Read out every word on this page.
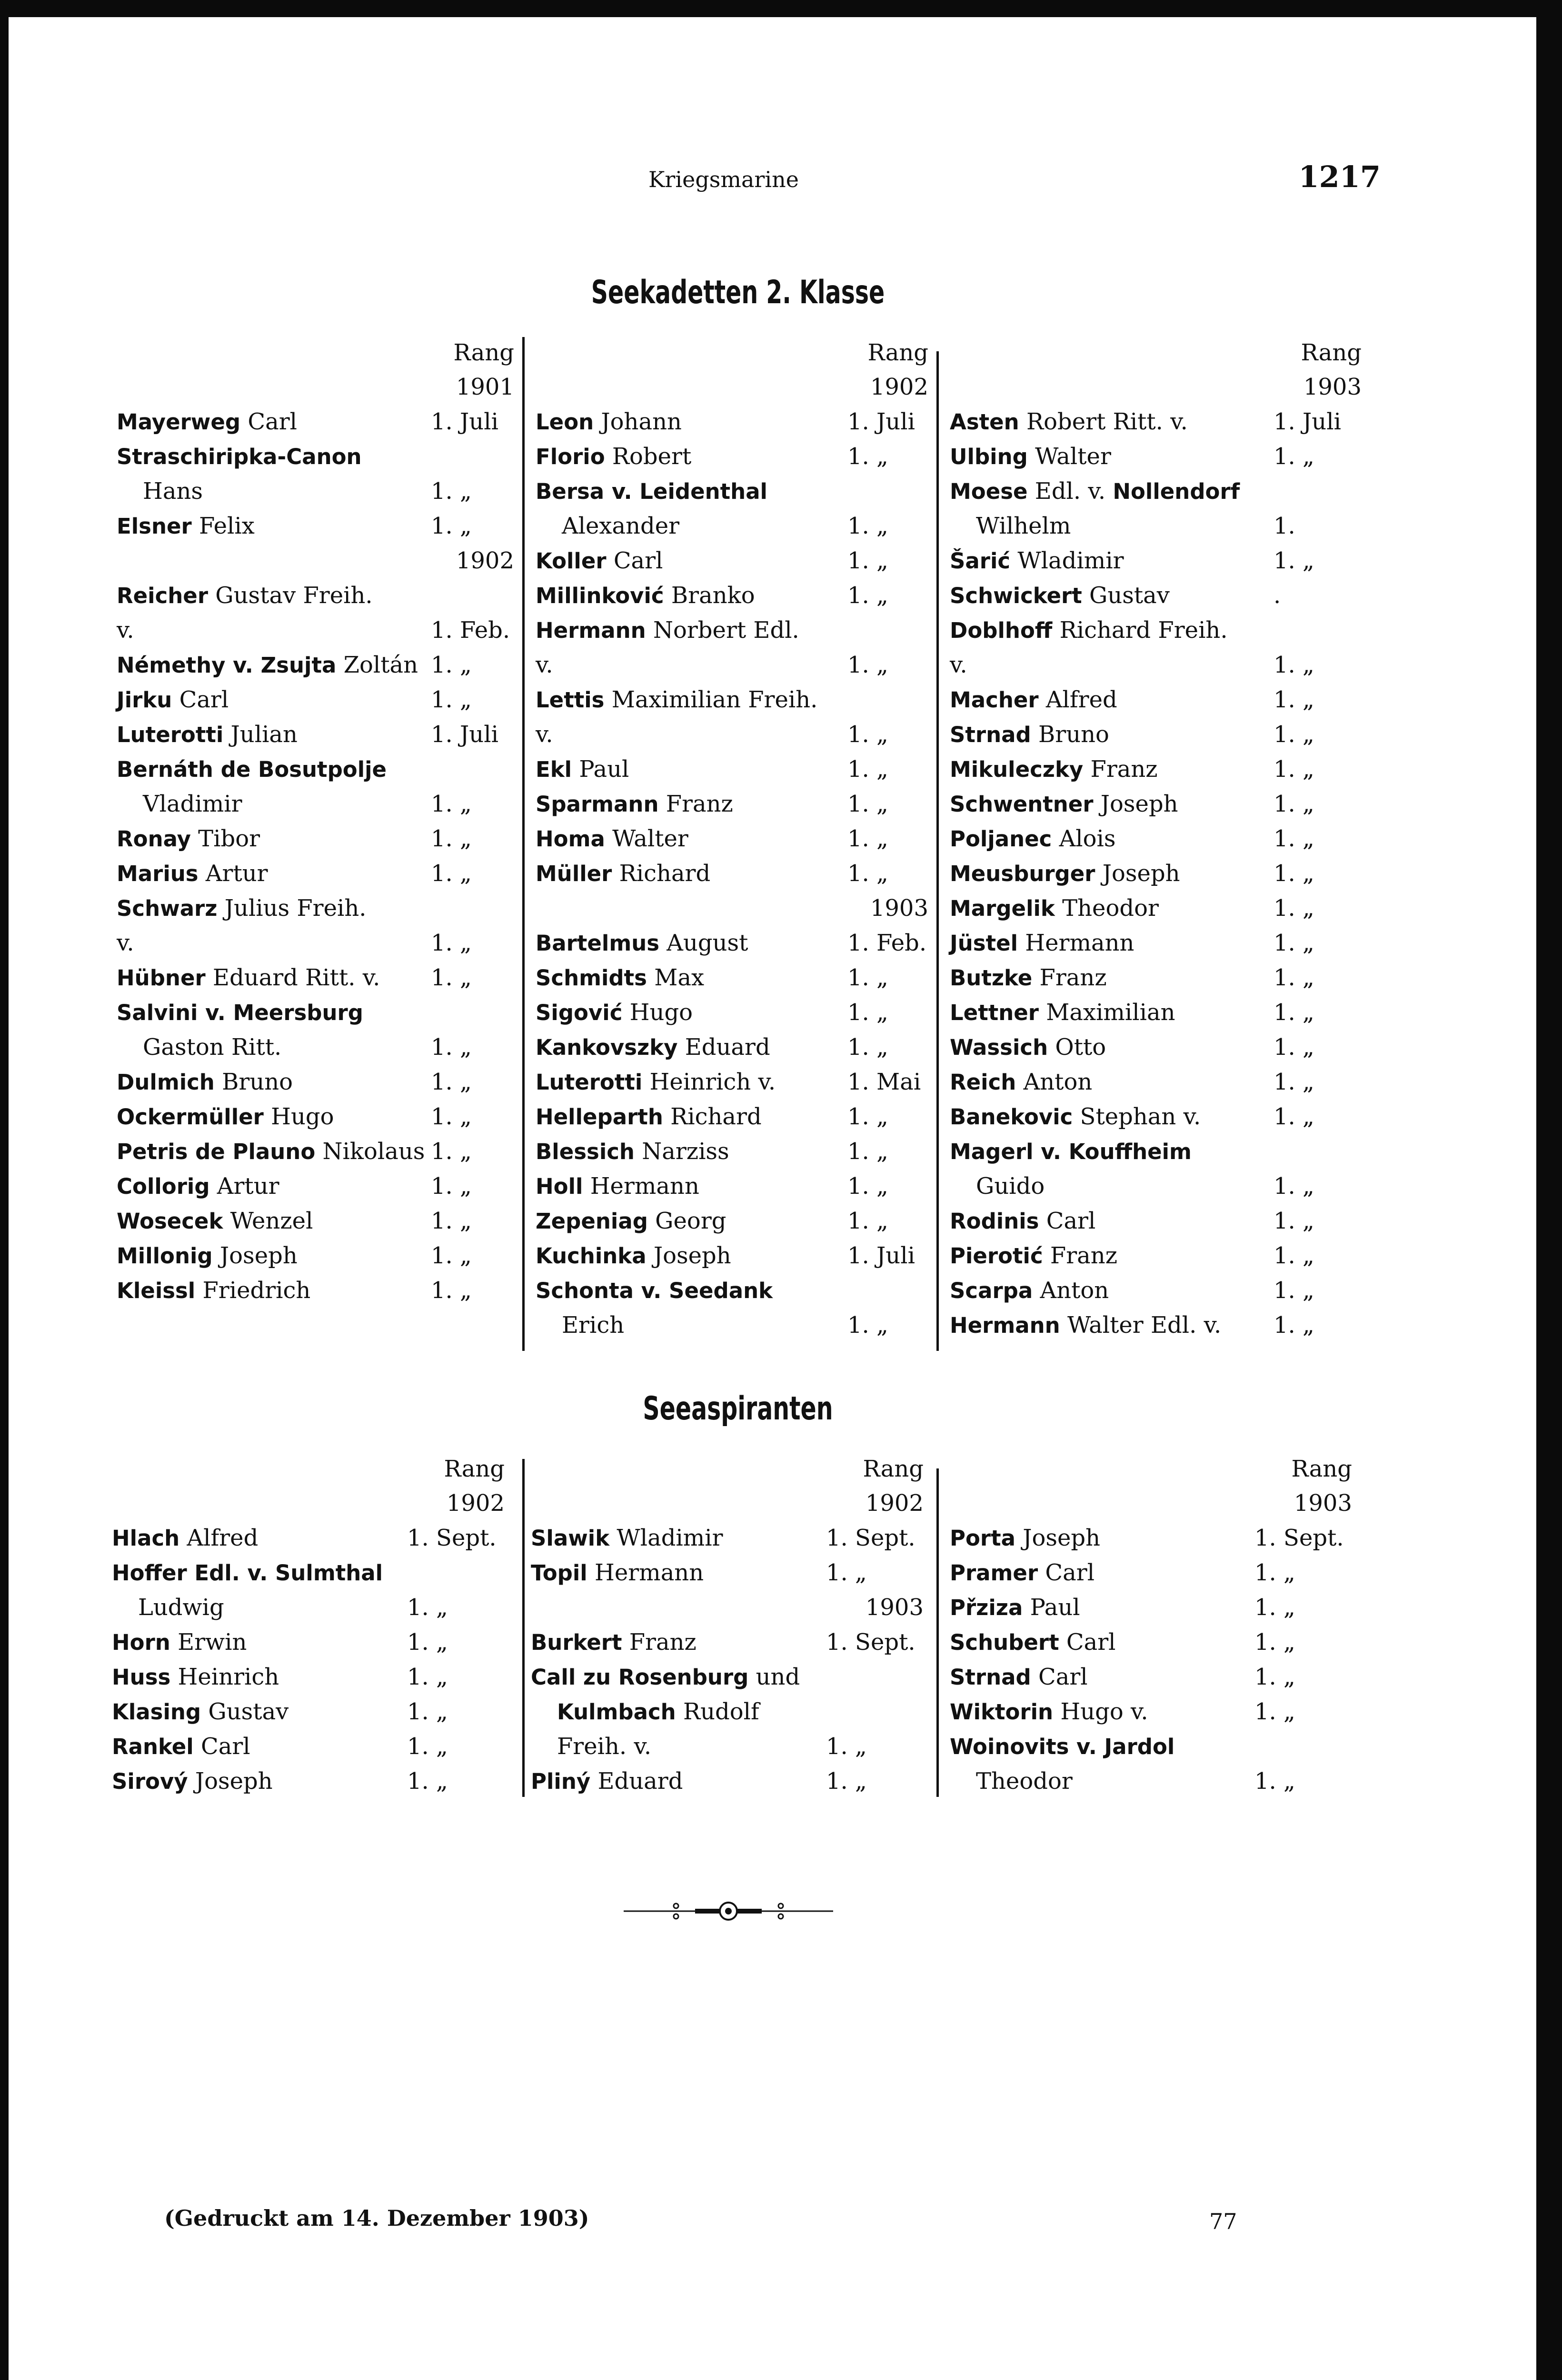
Kriegsmarine	1217
Seekadetten 2. Klasse
Rang
1901
Mayerweg Carl	1. Juli
Straschiripka-Canon
Hans	1. „
Elsner Felix	1. „
1902
Reicher Gustav Freih.
v.	1. Feb.
Némethy v. Zsujta Zoltán 1. „
Jirku Carl	1. „
Luterotti Julian	1. Juli
Bernáth de Bosutpolje
Vladimir	1. „
Ronay Tibor	1. „
Marius Artur	1. „
Schwarz Julius Freih.
v.	1. „
Hübner Eduard Ritt. v. 1. „
Salvini v. Meersburg
Gaston Ritt.	1. „
Dulmich Bruno	1. „
Ockermüller Hugo	1. „
Petris de Plauno Nikolaus 1. „
Collorig Artur	1. „
Wosecek Wenzel	1. „
Millonig Joseph	1. „
Kleissl Friedrich	1. „
Rang
1902
Leon Johann	1. Juli
Florio Robert	1. „
Bersa v. Leidenthal
Alexander	1. „
Koller Carl	1. „
Millinković Branko	1. „
Hermann Norbert Edl.
v.	1. „
Lettis Maximilian Freih.
v.	1. „
Ekl Paul	1. „
Sparmann Franz	1. „
Homa Walter	1. „
Müller Richard	1. „
1903
Bartelmus August	1. Feb.
Schmidts Max	1. „
Sigović Hugo	1. „
Kankovszky Eduard	1. „
Luterotti Heinrich v.	1. Mai
Helleparth Richard	1. „
Blessich Narziss	1. „
Holl Hermann	1. „
Zepeniag Georg	1. „
Kuchinka Joseph	1. Juli
Schonta v. Seedank
Erich	1. „
Rang
1903
Asten Robert Ritt. v.	1. Juli
Ulbing Walter	1. „
Moese Edl. v. Nollendorf
Wilhelm	1.
Šarić Wladimir	1. „
Schwickert Gustav	.
Doblhoff Richard Freih.
v.	1. „
Macher Alfred	1. „
Strnad Bruno	1. „
Mikuleczky Franz	1. „
Schwentner Joseph	1. „
Poljanec Alois	1. „
Meusburger Joseph	1. „
Margelik Theodor	1. „
Jüstel Hermann	1. „
Butzke Franz	1. „
Lettner Maximilian	1. „
Wassich Otto	1. „
Reich Anton	1. „
Banekovic Stephan v.	1. „
Magerl v. Kouffheim
Guido	1. „
Rodinis Carl	1. „
Pierotić Franz	1. „
Scarpa Anton	1. „
Hermann Walter Edl. v. 1. „
Seeaspiranten
Rang
1902
Hlach Alfred	1. Sept.
Hoffer Edl. v. Sulmthal
Ludwig	1. „
Horn Erwin	1. „
Huss Heinrich	1. „
Klasing Gustav	1. „
Rankel Carl	1. „
Sirový Joseph	1. „
Rang
1902
Slawik Wladimir	1. Sept.
Topil Hermann	1. „
1903
Burkert Franz	1. Sept.
Call zu Rosenburg und
Kulmbach Rudolf
Freih. v.	1. „
Pliný Eduard	1. „
Rang
1903
Porta Joseph	1. Sept.
Pramer Carl	1. „
Přziza Paul	1. „
Schubert Carl	1. „
Strnad Carl	1. „
Wiktorin Hugo v.	1. „
Woinovits v. Jardol
Theodor	1. „
(Gedruckt am 14. Dezember 1903)	77
